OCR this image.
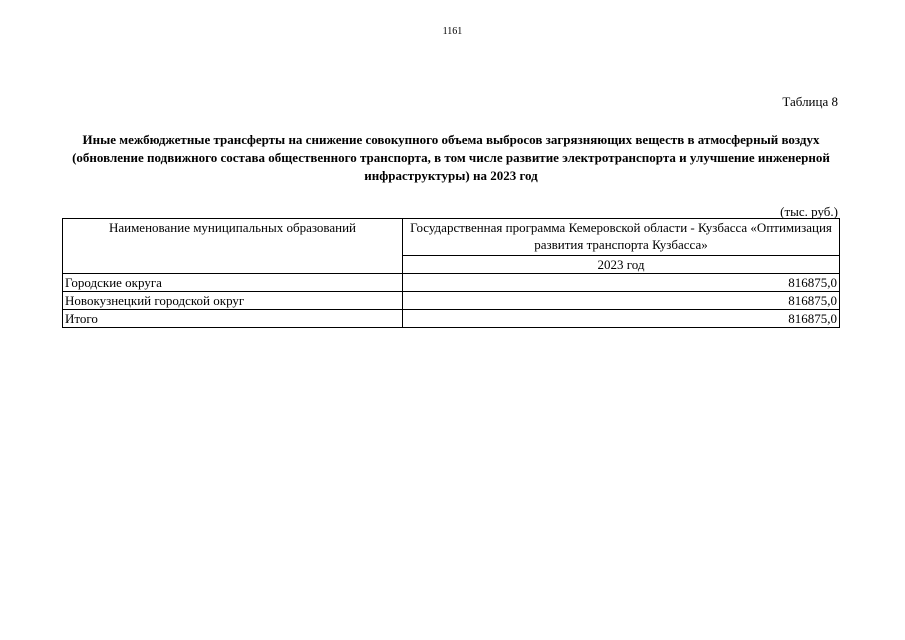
1161
Таблица 8
Иные межбюджетные трансферты на снижение совокупного объема выбросов загрязняющих веществ в атмосферный воздух (обновление подвижного состава общественного транспорта, в том числе развитие электротранспорта и улучшение инженерной инфраструктуры) на 2023 год
(тыс. руб.)
Наименование муниципальных образований	Государственная программа Кемеровской области - Кузбасса «Оптимизация развития транспорта Кузбасса»
	2023 год
Городские округа	816875,0
Новокузнецкий городской округ	816875,0
Итого	816875,0
